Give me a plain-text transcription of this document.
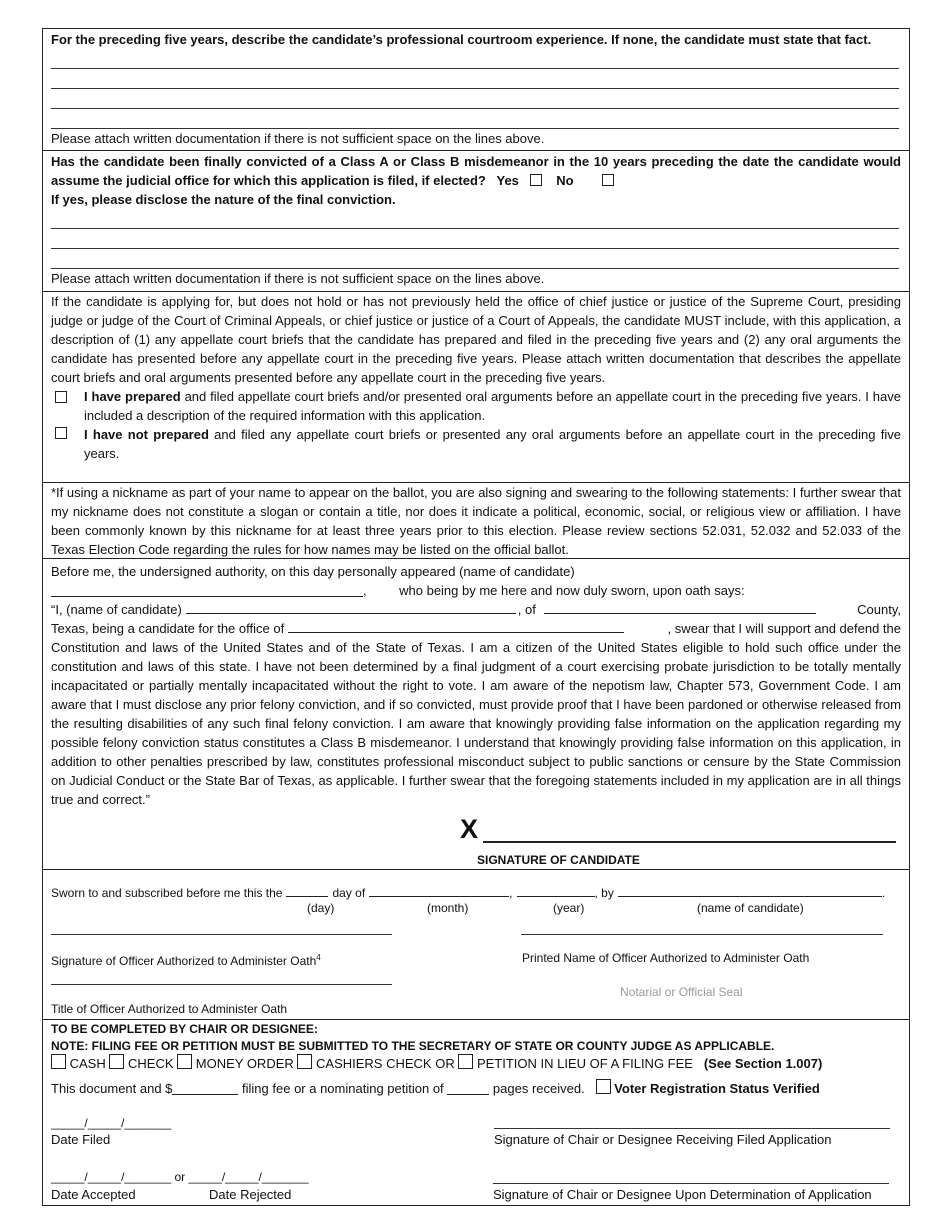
For the preceding five years, describe the candidate’s professional courtroom experience. If none, the candidate must state that fact.
Please attach written documentation if there is not sufficient space on the lines above.
Has the candidate been finally convicted of a Class A or Class B misdemeanor in the 10 years preceding the date the candidate would assume the judicial office for which this application is filed, if elected? Yes	No
If yes, please disclose the nature of the final conviction.
Please attach written documentation if there is not sufficient space on the lines above.
If the candidate is applying for, but does not hold or has not previously held the office of chief justice or justice of the Supreme Court, presiding judge or judge of the Court of Criminal Appeals, or chief justice or justice of a Court of Appeals, the candidate MUST include, with this application, a description of (1) any appellate court briefs that the candidate has prepared and filed in the preceding five years and (2) any oral arguments the candidate has presented before any appellate court in the preceding five years. Please attach written documentation that describes the appellate court briefs and oral arguments presented before any appellate court in the preceding five years.
I have prepared and filed appellate court briefs and/or presented oral arguments before an appellate court in the preceding five years. I have included a description of the required information with this application.
I have not prepared and filed any appellate court briefs or presented any oral arguments before an appellate court in the preceding five years.
*If using a nickname as part of your name to appear on the ballot, you are also signing and swearing to the following statements: I further swear that my nickname does not constitute a slogan or contain a title, nor does it indicate a political, economic, social, or religious view or affiliation. I have been commonly known by this nickname for at least three years prior to this election. Please review sections 52.031, 52.032 and 52.033 of the Texas Election Code regarding the rules for how names may be listed on the official ballot.
Before me, the undersigned authority, on this day personally appeared (name of candidate)
,         who being by me here and now duly sworn, upon oath says:
“I, (name of candidate)	, of	County,
Texas, being a candidate for the office of	, swear that I will support and defend the
Constitution and laws of the United States and of the State of Texas. I am a citizen of the United States eligible to hold such office under the constitution and laws of this state. I have not been determined by a final judgment of a court exercising probate jurisdiction to be totally mentally incapacitated or partially mentally incapacitated without the right to vote. I am aware of the nepotism law, Chapter 573, Government Code. I am aware that I must disclose any prior felony conviction, and if so convicted, must provide proof that I have been pardoned or otherwise released from the resulting disabilities of any such final felony conviction. I am aware that knowingly providing false information on the application regarding my possible felony conviction status constitutes a Class B misdemeanor. I understand that knowingly providing false information on this application, in addition to other penalties prescribed by law, constitutes professional misconduct subject to public sanctions or censure by the State Commission on Judicial Conduct or the State Bar of Texas, as applicable. I further swear that the foregoing statements included in my application are in all things true and correct.”
X
SIGNATURE OF CANDIDATE
Sworn to and subscribed before me this the	day of	,	, by	.
(day)	(month)	(year)	(name of candidate)
Signature of Officer Authorized to Administer Oath$^4$	Printed Name of Officer Authorized to Administer Oath
Notarial or Official Seal
Title of Officer Authorized to Administer Oath
TO BE COMPLETED BY CHAIR OR DESIGNEE:
NOTE: FILING FEE OR PETITION MUST BE SUBMITTED TO THE SECRETARY OF STATE OR COUNTY JUDGE AS APPLICABLE.
CASH CHECK MONEY ORDER CASHIERS CHECK OR PETITION IN LIEU OF A FILING FEE (See Section 1.007)
This document and $	filing fee or a nominating petition of	pages received. Voter Registration Status Verified
_____/_____/_______
Date Filed	Signature of Chair or Designee Receiving Filed Application
_____/_____/_______ or _____/_____/_______
Date Accepted	Date Rejected	Signature of Chair or Designee Upon Determination of Application
